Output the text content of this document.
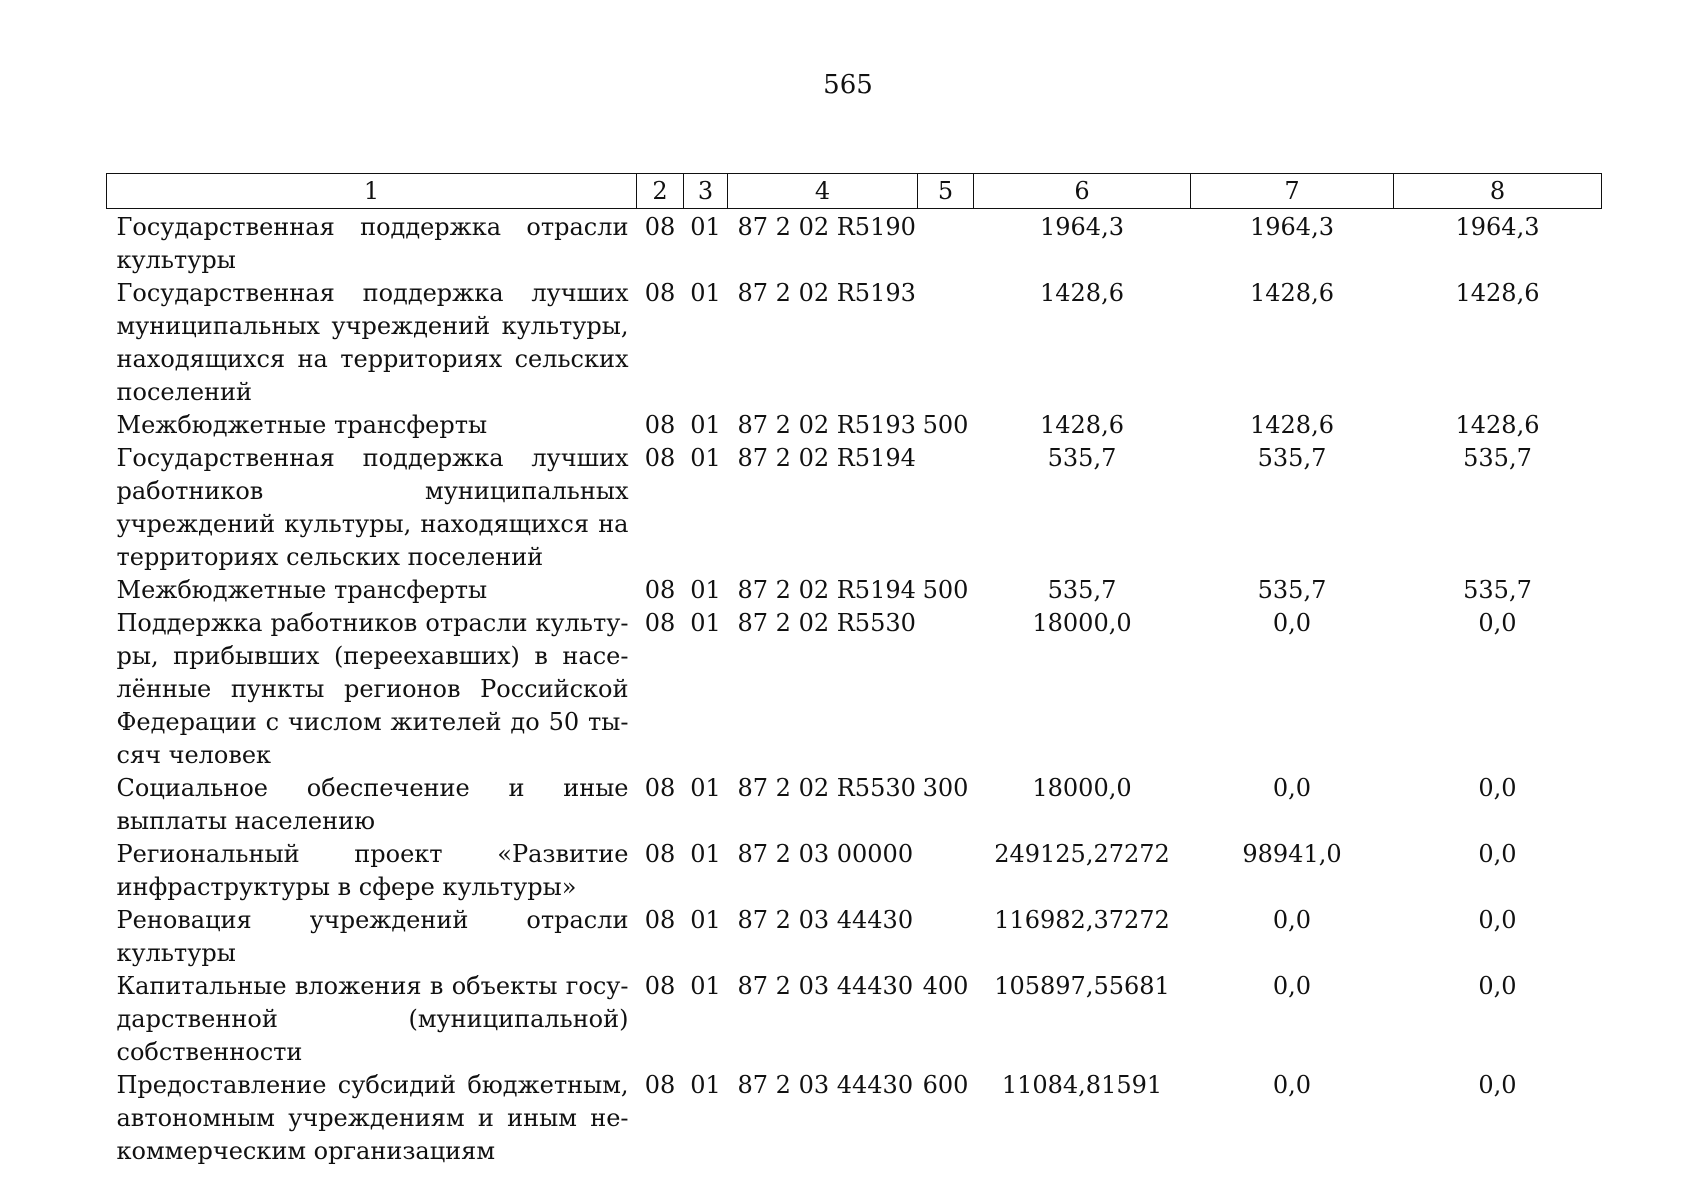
565
1	2	3	4	5	6	7	8
Государственная поддержка отрасли культуры	08	01	87 2 02 R5190		1964,3	1964,3	1964,3
Государственная поддержка лучших муниципальных учреждений культуры, находящихся на территориях сельских поселений	08	01	87 2 02 R5193		1428,6	1428,6	1428,6
Межбюджетные трансферты	08	01	87 2 02 R5193	500	1428,6	1428,6	1428,6
Государственная поддержка лучших работников муниципальных учреждений культуры, находящихся на территориях сельских поселений	08	01	87 2 02 R5194		535,7	535,7	535,7
Межбюджетные трансферты	08	01	87 2 02 R5194	500	535,7	535,7	535,7
Поддержка работников отрасли культуры, прибывших (переехавших) в населённые пункты регионов Российской Федерации с числом жителей до 50 тысяч человек	08	01	87 2 02 R5530		18000,0	0,0	0,0
Социальное обеспечение и иные выплаты населению	08	01	87 2 02 R5530	300	18000,0	0,0	0,0
Региональный проект «Развитие инфраструктуры в сфере культуры»	08	01	87 2 03 00000		249125,27272	98941,0	0,0
Реновация учреждений отрасли культуры	08	01	87 2 03 44430		116982,37272	0,0	0,0
Капитальные вложения в объекты государственной (муниципальной) собственности	08	01	87 2 03 44430	400	105897,55681	0,0	0,0
Предоставление субсидий бюджетным, автономным учреждениям и иным некоммерческим организациям	08	01	87 2 03 44430	600	11084,81591	0,0	0,0
